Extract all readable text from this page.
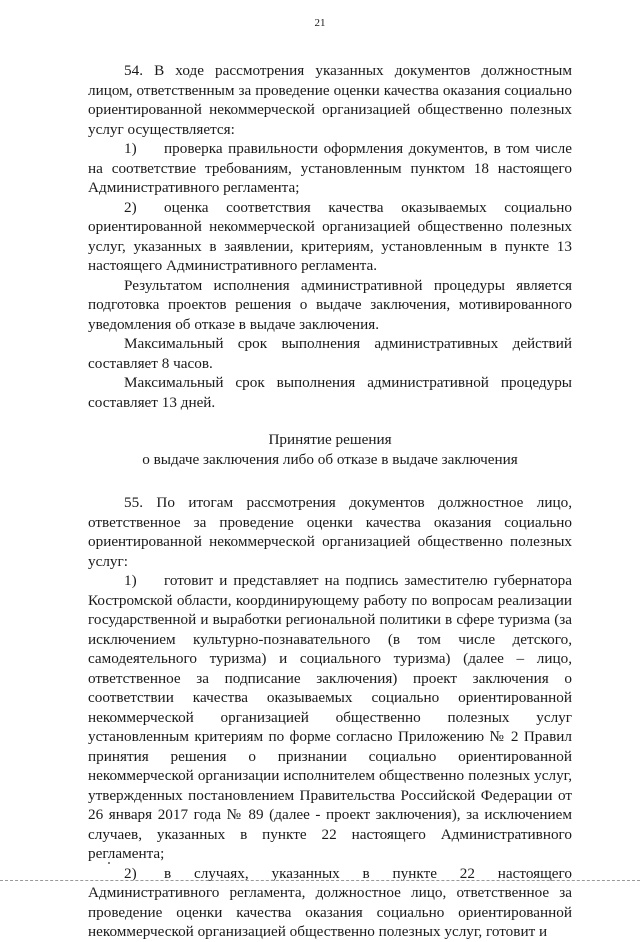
21

54. В ходе рассмотрения указанных документов должностным лицом, ответственным за проведение оценки качества оказания социально ориентированной некоммерческой организацией общественно полезных услуг осуществляется:

1) проверка правильности оформления документов, в том числе на соответствие требованиям, установленным пунктом 18 настоящего Административного регламента;

2) оценка соответствия качества оказываемых социально ориентированной некоммерческой организацией общественно полезных услуг, указанных в заявлении, критериям, установленным в пункте 13 настоящего Административного регламента.

Результатом исполнения административной процедуры является подготовка проектов решения о выдаче заключения, мотивированного уведомления об отказе в выдаче заключения.

Максимальный срок выполнения административных действий составляет 8 часов.

Максимальный срок выполнения административной процедуры составляет 13 дней.

Принятие решения

о выдаче заключения либо об отказе в выдаче заключения

55. По итогам рассмотрения документов должностное лицо, ответственное за проведение оценки качества оказания социально ориентированной некоммерческой организацией общественно полезных услуг:

1) готовит и представляет на подпись заместителю губернатора Костромской области, координирующему работу по вопросам реализации государственной и выработки региональной политики в сфере туризма (за исключением культурно-познавательного (в том числе детского, самодеятельного туризма) и социального туризма) (далее – лицо, ответственное за подписание заключения) проект заключения о соответствии качества оказываемых социально ориентированной некоммерческой организацией общественно полезных услуг установленным критериям по форме согласно Приложению № 2 Правил принятия решения о признании социально ориентированной некоммерческой организации исполнителем общественно полезных услуг, утвержденных постановлением Правительства Российской Федерации от 26 января 2017 года № 89 (далее - проект заключения), за исключением случаев, указанных в пункте 22 настоящего Административного регламента;

2) в случаях, указанных в пункте 22 настоящего Административного регламента, должностное лицо, ответственное за проведение оценки качества оказания социально ориентированной некоммерческой организацией общественно полезных услуг, готовит и
